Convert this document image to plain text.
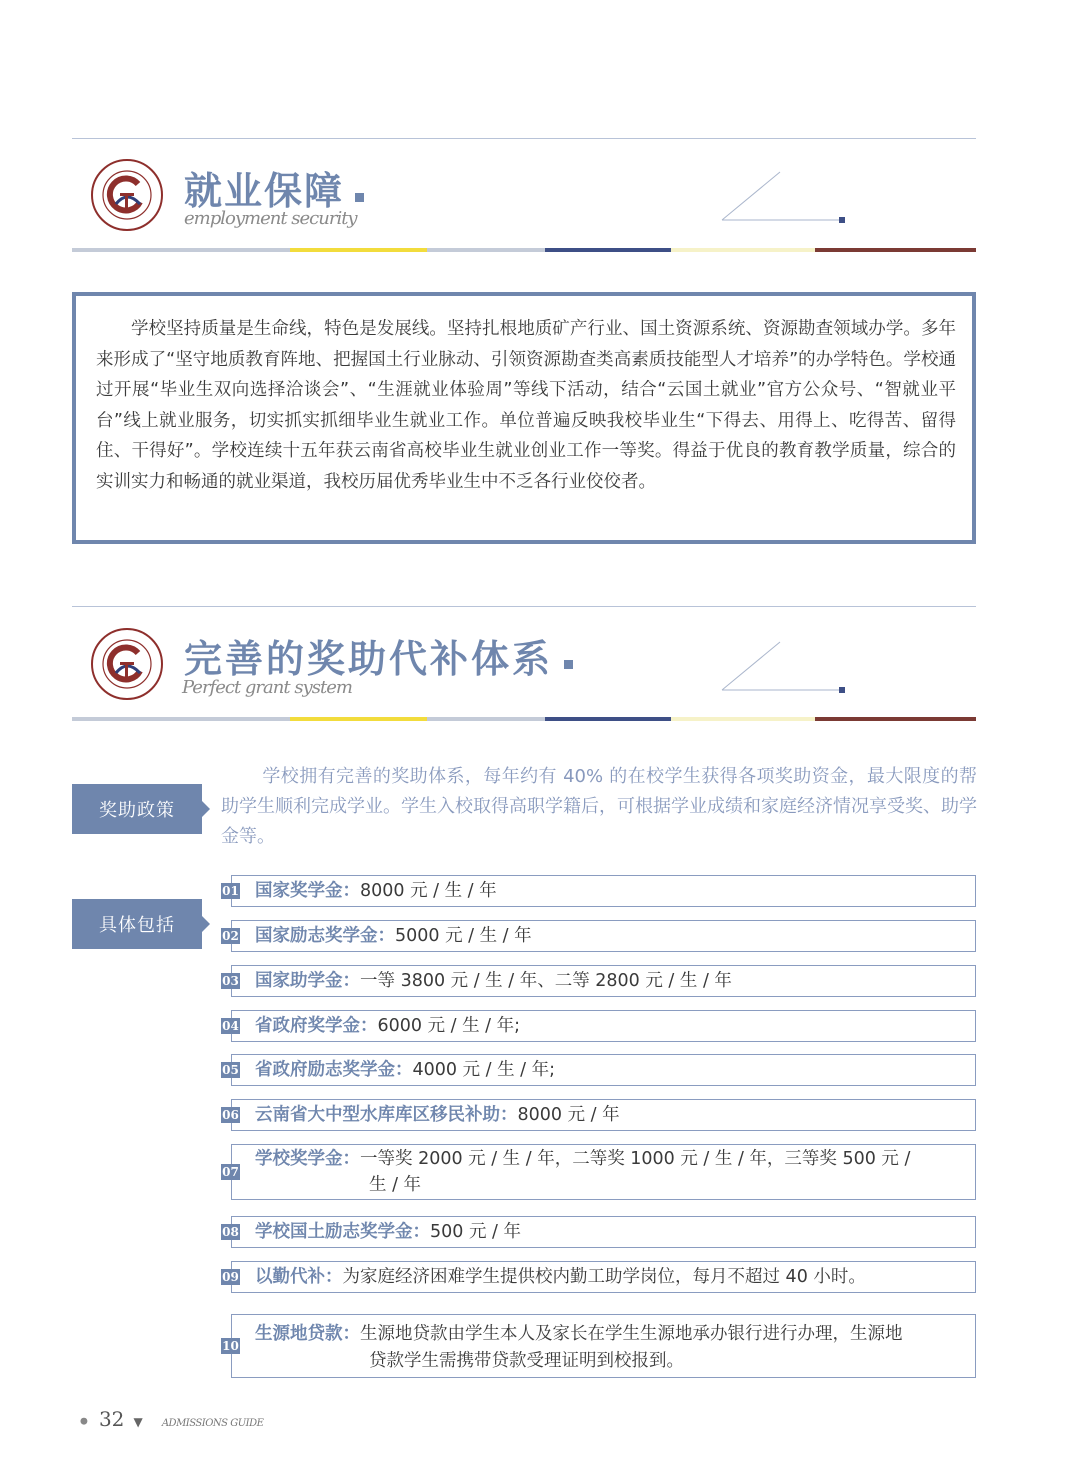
就业保障
employment security

学校坚持质量是生命线，特色是发展线。坚持扎根地质矿产行业、国土资源系统、资源勘查领域办学。多年来形成了“坚守地质教育阵地、把握国土行业脉动、引领资源勘查类高素质技能型人才培养”的办学特色。学校通过开展“毕业生双向选择洽谈会”、“生涯就业体验周”等线下活动，结合“云国土就业”官方公众号、“智就业平台”线上就业服务，切实抓实抓细毕业生就业工作。单位普遍反映我校毕业生“下得去、用得上、吃得苦、留得住、干得好”。学校连续十五年获云南省高校毕业生就业创业工作一等奖。得益于优良的教育教学质量，综合的实训实力和畅通的就业渠道，我校历届优秀毕业生中不乏各行业佼佼者。

完善的奖助代补体系
Perfect grant system
奖助政策

学校拥有完善的奖助体系，每年约有 40% 的在校学生获得各项奖助资金，最大限度的帮助学生顺利完成学业。学生入校取得高职学籍后，可根据学业成绩和家庭经济情况享受奖、助学金等。

具体包括
01 国家奖学金：8000 元 / 生 / 年
02 国家励志奖学金：5000 元 / 生 / 年
03 国家助学金：一等 3800 元 / 生 / 年、二等 2800 元 / 生 / 年
04 省政府奖学金：6000 元 / 生 / 年;
05 省政府励志奖学金：4000 元 / 生 / 年;
06 云南省大中型水库库区移民补助：8000 元 / 年
07
学校奖学金：一等奖 2000 元 / 生 / 年，二等奖 1000 元 / 生 / 年，三等奖 500 元 /
生 / 年
08 学校国土励志奖学金：500 元 / 年
09 以勤代补：为家庭经济困难学生提供校内勤工助学岗位，每月不超过 40 小时。
10
生源地贷款：生源地贷款由学生本人及家长在学生生源地承办银行进行办理，生源地
贷款学生需携带贷款受理证明到校报到。
● 32 ▼ ADMISSIONS GUIDE
